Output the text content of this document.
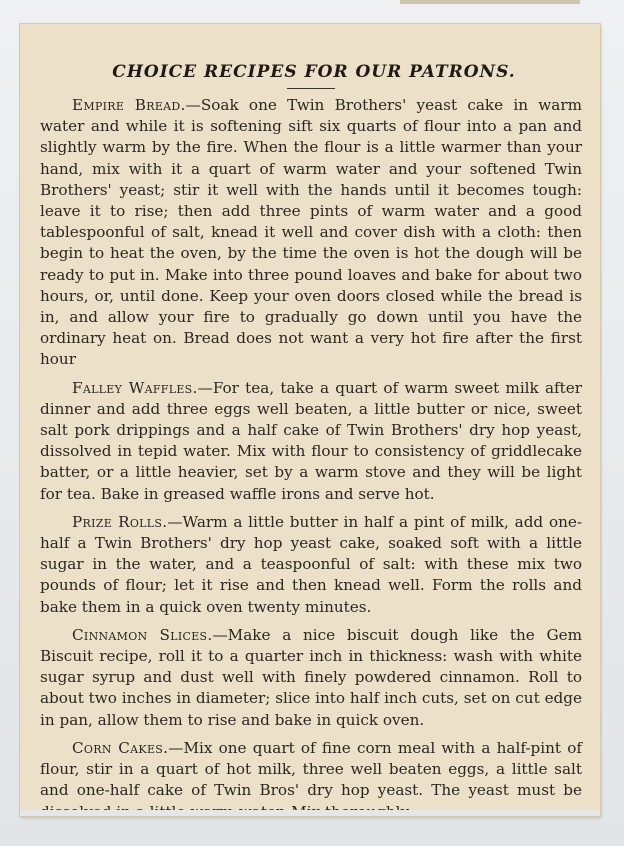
CHOICE RECIPES FOR OUR PATRONS.

Empire Bread.—Soak one Twin Brothers' yeast cake in warm water and while it is softening sift six quarts of flour into a pan and slightly warm by the fire. When the flour is a little warmer than your hand, mix with it a quart of warm water and your softened Twin Brothers' yeast; stir it well with the hands until it becomes tough: leave it to rise; then add three pints of warm water and a good tablespoonful of salt, knead it well and cover dish with a cloth: then begin to heat the oven, by the time the oven is hot the dough will be ready to put in. Make into three pound loaves and bake for about two hours, or, until done. Keep your oven doors closed while the bread is in, and allow your fire to gradually go down until you have the ordinary heat on. Bread does not want a very hot fire after the first hour

Falley Waffles.—For tea, take a quart of warm sweet milk after dinner and add three eggs well beaten, a little butter or nice, sweet salt pork drippings and a half cake of Twin Brothers' dry hop yeast, dissolved in tepid water. Mix with flour to consistency of griddlecake batter, or a little heavier, set by a warm stove and they will be light for tea. Bake in greased waffle irons and serve hot.

Prize Rolls.—Warm a little butter in half a pint of milk, add one-half a Twin Brothers' dry hop yeast cake, soaked soft with a little sugar in the water, and a teaspoonful of salt: with these mix two pounds of flour; let it rise and then knead well. Form the rolls and bake them in a quick oven twenty minutes.

Cinnamon Slices.—Make a nice biscuit dough like the Gem Biscuit recipe, roll it to a quarter inch in thickness: wash with white sugar syrup and dust well with finely powdered cinnamon. Roll to about two inches in diameter; slice into half inch cuts, set on cut edge in pan, allow them to rise and bake in quick oven.

Corn Cakes.—Mix one quart of fine corn meal with a half-pint of flour, stir in a quart of hot milk, three well beaten eggs, a little salt and one-half cake of Twin Bros' dry hop yeast. The yeast must be
